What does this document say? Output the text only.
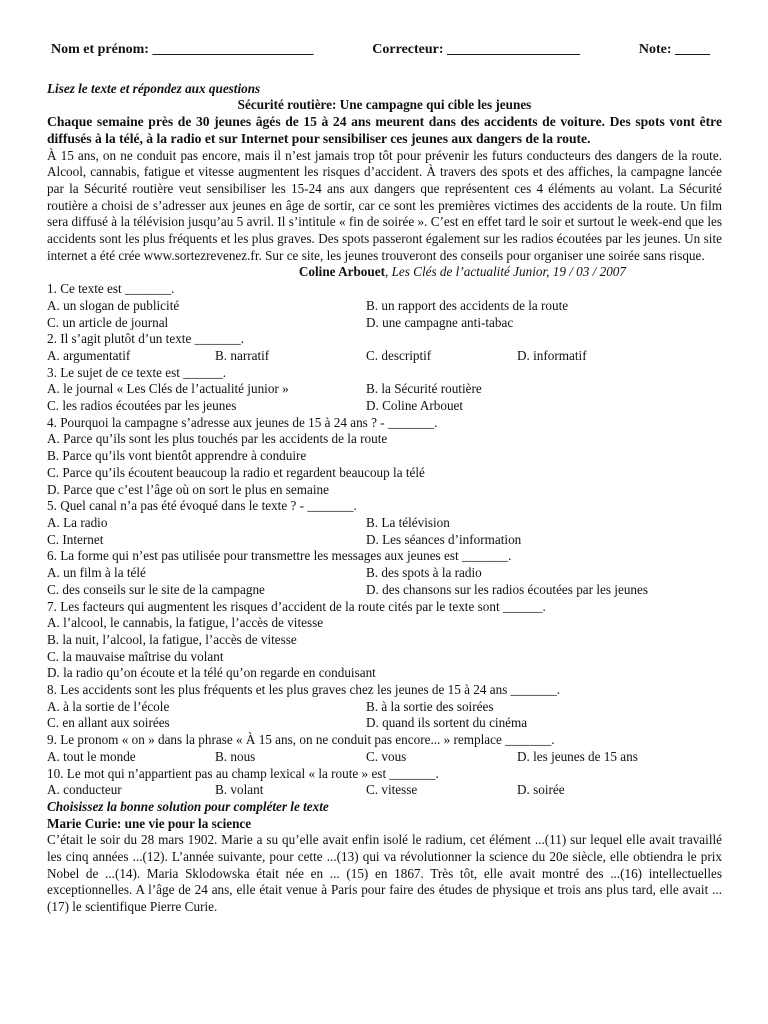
Nom et prénom: _______________________	Correcteur: ___________________	Note: _____
Lisez le texte et répondez aux questions
Sécurité routière: Une campagne qui cible les jeunes
Chaque semaine près de 30 jeunes âgés de 15 à 24 ans meurent dans des accidents de voiture. Des spots vont être diffusés à la télé, à la radio et sur Internet pour sensibiliser ces jeunes aux dangers de la route.
À 15 ans, on ne conduit pas encore, mais il n’est jamais trop tôt pour prévenir les futurs conducteurs des dangers de la route. Alcool, cannabis, fatigue et vitesse augmentent les risques d’accident. À travers des spots et des affiches, la campagne lancée par la Sécurité routière veut sensibiliser les 15-24 ans aux dangers que représentent ces 4 éléments au volant. La Sécurité routière a choisi de s’adresser aux jeunes en âge de sortir, car ce sont les premières victimes des accidents de la route. Un film sera diffusé à la télévision jusqu’au 5 avril. Il s’intitule « fin de soirée ». C’est en effet tard le soir et surtout le week-end que les accidents sont les plus fréquents et les plus graves. Des spots passeront également sur les radios écoutées par les jeunes. Un site internet a été crée www.sortezrevenez.fr. Sur ce site, les jeunes trouveront des conseils pour organiser une soirée sans risque.
Coline Arbouet, Les Clés de l’actualité Junior, 19 / 03 / 2007
1. Ce texte est _______.
A. un slogan de publicité	B. un rapport des accidents de la route
C. un article de journal	D. une campagne anti-tabac
2. Il s’agit plutôt d’un texte _______.
A. argumentatif	B. narratif	C. descriptif	D. informatif
3. Le sujet de ce texte est ______.
A. le journal « Les Clés de l’actualité junior »	B. la Sécurité routière
C. les radios écoutées par les jeunes	D. Coline Arbouet
4. Pourquoi la campagne s’adresse aux jeunes de 15 à 24 ans ? - _______.
A. Parce qu’ils sont les plus touchés par les accidents de la route
B. Parce qu’ils vont bientôt apprendre à conduire
C. Parce qu’ils écoutent beaucoup la radio et regardent beaucoup la télé
D. Parce que c’est l’âge où on sort le plus en semaine
5. Quel canal n’a pas été évoqué dans le texte ? - _______.
A. La radio	B. La télévision
C. Internet	D. Les séances d’information
6. La forme qui n’est pas utilisée pour transmettre les messages aux jeunes est _______.
A. un film à la télé	B. des spots à la radio
C. des conseils sur le site de la campagne	D. des chansons sur les radios écoutées par les jeunes
7. Les facteurs qui augmentent les risques d’accident de la route cités par le texte sont ______.
A. l’alcool, le cannabis, la fatigue, l’accès de vitesse
B. la nuit, l’alcool, la fatigue, l’accès de vitesse
C. la mauvaise maîtrise du volant
D. la radio qu’on écoute et la télé qu’on regarde en conduisant
8. Les accidents sont les plus fréquents et les plus graves chez les jeunes de 15 à 24 ans _______.
A. à la sortie de l’école	B. à la sortie des soirées
C. en allant aux soirées	D. quand ils sortent du cinéma
9. Le pronom « on » dans la phrase « À 15 ans, on ne conduit pas encore... » remplace _______.
A. tout le monde	B. nous	C. vous	D. les jeunes de 15 ans
10. Le mot qui n’appartient pas au champ lexical « la route » est _______.
A. conducteur	B. volant	C. vitesse	D. soirée
Choisissez la bonne solution pour compléter le texte
Marie Curie: une vie pour la science
C’était le soir du 28 mars 1902. Marie a su qu’elle avait enfin isolé le radium, cet élément ...(11) sur lequel elle avait travaillé les cinq années ...(12). L’année suivante, pour cette ...(13) qui va révolutionner la science du 20e siècle, elle obtiendra le prix Nobel de ...(14). Maria Sklodowska était née en ... (15) en 1867. Très tôt, elle avait montré des ...(16) intellectuelles exceptionnelles. A l’âge de 24 ans, elle était venue à Paris pour faire des études de physique et trois ans plus tard, elle avait ... (17) le scientifique Pierre Curie.
